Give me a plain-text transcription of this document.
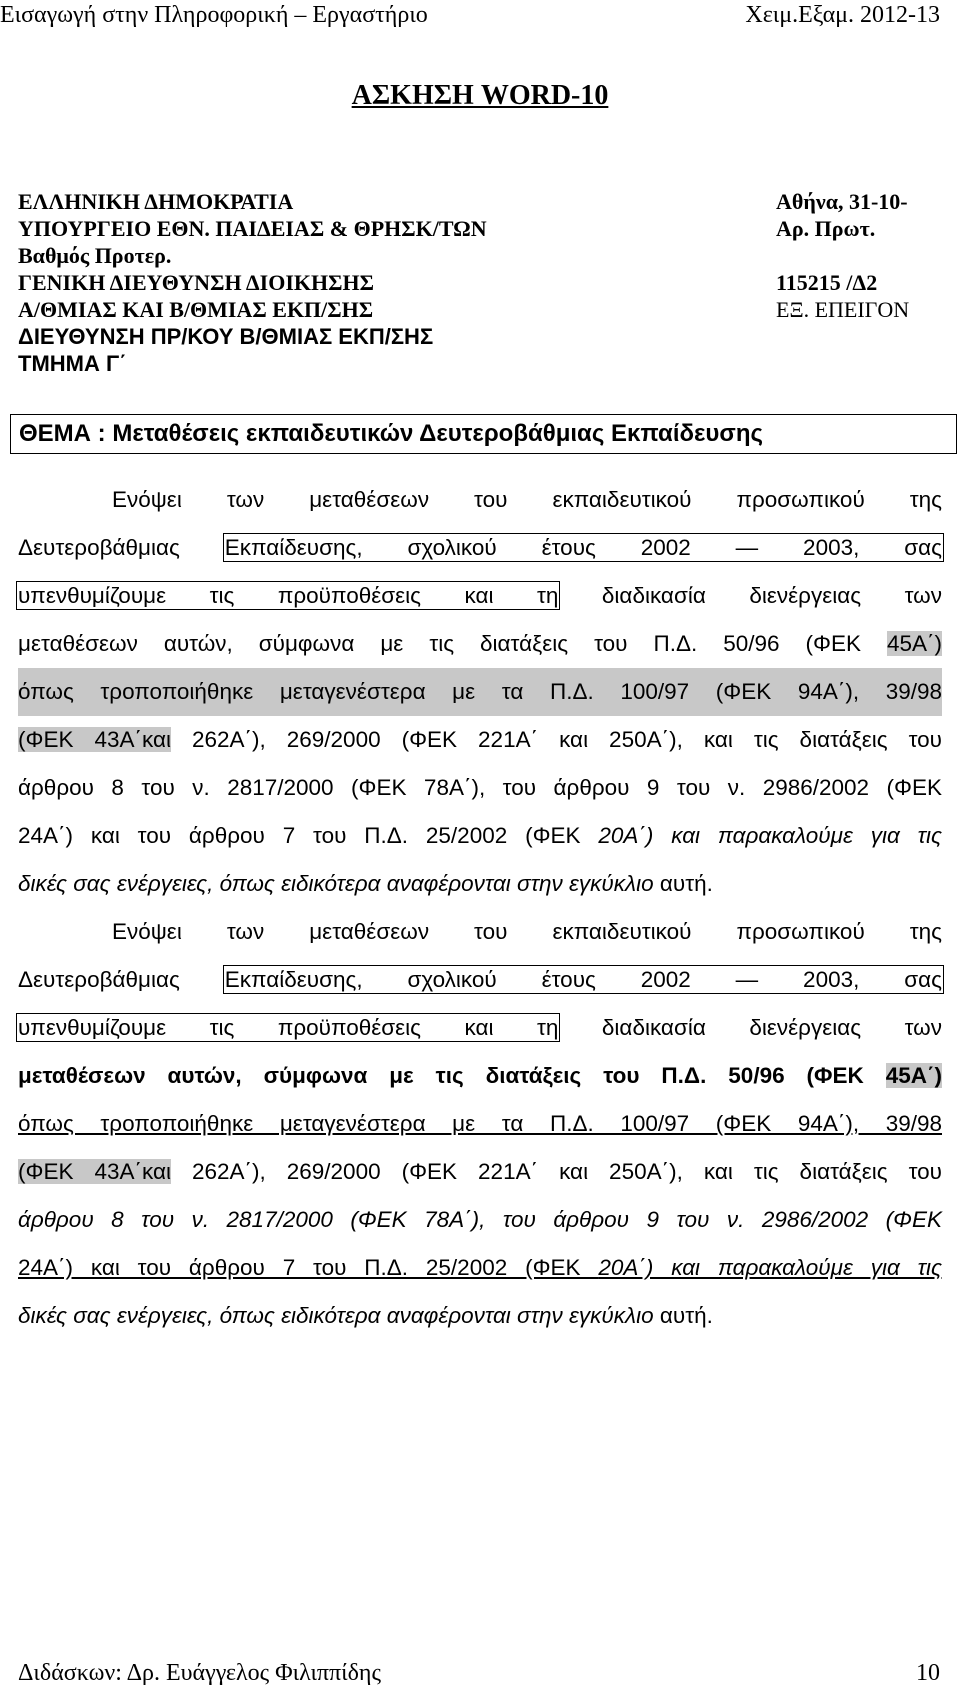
Εισαγωγή στην Πληροφορική – Εργαστήριο	Χειμ.Εξαμ. 2012-13
ΑΣΚΗΣΗ WORD-10
ΕΛΛΗΝΙΚΗ ΔΗΜΟΚΡΑΤΙΑ
ΥΠΟΥΡΓΕΙΟ ΕΘΝ. ΠΑΙΔΕΙΑΣ & ΘΡΗΣΚ/ΤΩΝ
Βαθμός Προτερ.
ΓΕΝΙΚΗ ΔΙΕΥΘΥΝΣΗ ΔΙΟΙΚΗΣΗΣ
Α/ΘΜΙΑΣ ΚΑΙ Β/ΘΜΙΑΣ ΕΚΠ/ΣΗΣ
ΔΙΕΥΘΥΝΣΗ ΠΡ/ΚΟΥ Β/ΘΜΙΑΣ ΕΚΠ/ΣΗΣ
ΤΜΗΜΑ Γ΄
Αθήνα, 31-10-
Αρ. Πρωτ.
115215 /Δ2
ΕΞ. ΕΠΕΙΓΟΝ
ΘΕΜΑ : Μεταθέσεις εκπαιδευτικών Δευτεροβάθμιας Εκπαίδευσης
Ενόψει των μεταθέσεων του εκπαιδευτικού προσωπικού της
Δευτεροβάθμιας Εκπαίδευσης, σχολικού έτους 2002 — 2003, σας
υπενθυμίζουμε τις προϋποθέσεις και τη διαδικασία διενέργειας των
μεταθέσεων αυτών, σύμφωνα με τις διατάξεις του Π.Δ. 50/96 (ΦΕΚ 45Α΄)
όπως τροποποιήθηκε μεταγενέστερα με τα Π.Δ. 100/97 (ΦΕΚ 94Α΄), 39/98
(ΦΕΚ 43Α΄και 262Α΄), 269/2000 (ΦΕΚ 221Α΄ και 250Α΄), και τις διατάξεις του
άρθρου 8 του ν. 2817/2000 (ΦΕΚ 78Α΄), του άρθρου 9 του ν. 2986/2002 (ΦΕΚ
24Α΄) και του άρθρου 7 του Π.Δ. 25/2002 (ΦΕΚ 20Α΄) και παρακαλούμε για τις
δικές σας ενέργειες, όπως ειδικότερα αναφέρονται στην εγκύκλιο αυτή.
Ενόψει των μεταθέσεων του εκπαιδευτικού προσωπικού της
Δευτεροβάθμιας Εκπαίδευσης, σχολικού έτους 2002 — 2003, σας
υπενθυμίζουμε τις προϋποθέσεις και τη διαδικασία διενέργειας των
μεταθέσεων αυτών, σύμφωνα με τις διατάξεις του Π.Δ. 50/96 (ΦΕΚ 45Α΄)
όπως τροποποιήθηκε μεταγενέστερα με τα Π.Δ. 100/97 (ΦΕΚ 94Α΄), 39/98
(ΦΕΚ 43Α΄και 262Α΄), 269/2000 (ΦΕΚ 221Α΄ και 250Α΄), και τις διατάξεις του
άρθρου 8 του ν. 2817/2000 (ΦΕΚ 78Α΄), του άρθρου 9 του ν. 2986/2002 (ΦΕΚ
24Α΄) και του άρθρου 7 του Π.Δ. 25/2002 (ΦΕΚ 20Α΄) και παρακαλούμε για τις
δικές σας ενέργειες, όπως ειδικότερα αναφέρονται στην εγκύκλιο αυτή.
Διδάσκων: Δρ. Ευάγγελος Φιλιππίδης	10
